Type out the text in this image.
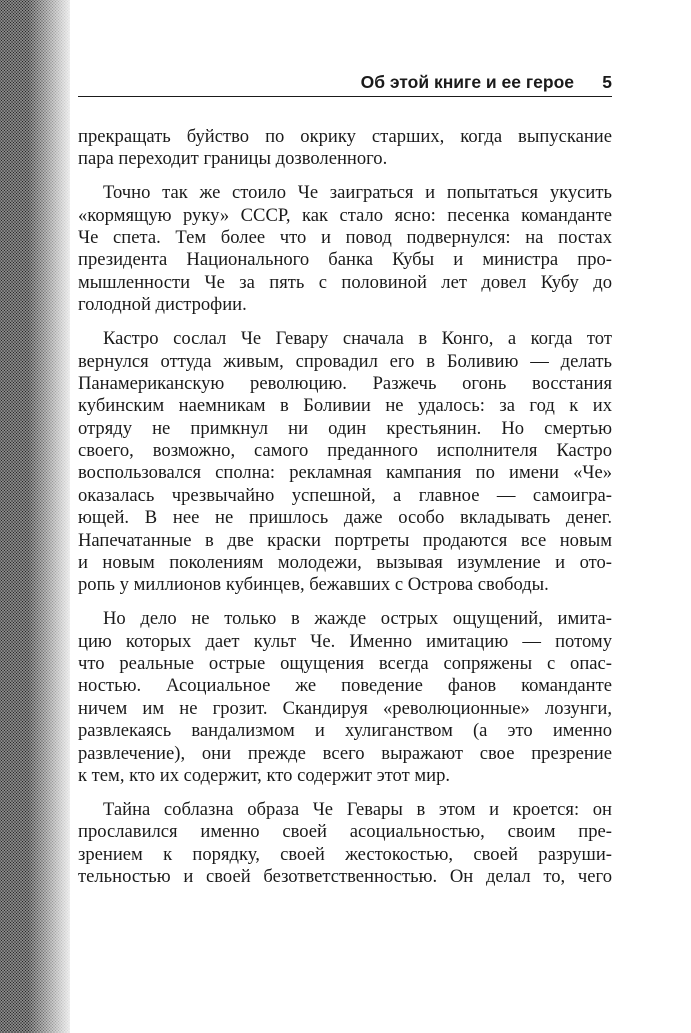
Об этой книге и ее герое 5

прекращать буйство по окрику старших, когда выпускание
пара переходит границы дозволенного.

Точно так же стоило Че заиграться и попытаться укусить
«кормящую руку» СССР, как стало ясно: песенка команданте
Че спета. Тем более что и повод подвернулся: на постах
президента Национального банка Кубы и министра про-
мышленности Че за пять с половиной лет довел Кубу до
голодной дистрофии.

Кастро сослал Че Гевару сначала в Конго, а когда тот
вернулся оттуда живым, спровадил его в Боливию — делать
Панамериканскую революцию. Разжечь огонь восстания
кубинским наемникам в Боливии не удалось: за год к их
отряду не примкнул ни один крестьянин. Но смертью
своего, возможно, самого преданного исполнителя Кастро
воспользовался сполна: рекламная кампания по имени «Че»
оказалась чрезвычайно успешной, а главное — самоигра-
ющей. В нее не пришлось даже особо вкладывать денег.
Напечатанные в две краски портреты продаются все новым
и новым поколениям молодежи, вызывая изумление и ото-
ропь у миллионов кубинцев, бежавших с Острова свободы.

Но дело не только в жажде острых ощущений, имита-
цию которых дает культ Че. Именно имитацию — потому
что реальные острые ощущения всегда сопряжены с опас-
ностью. Асоциальное же поведение фанов команданте
ничем им не грозит. Скандируя «революционные» лозунги,
развлекаясь вандализмом и хулиганством (а это именно
развлечение), они прежде всего выражают свое презрение
к тем, кто их содержит, кто содержит этот мир.

Тайна соблазна образа Че Гевары в этом и кроется: он
прославился именно своей асоциальностью, своим пре-
зрением к порядку, своей жестокостью, своей разруши-
тельностью и своей безответственностью. Он делал то, чего
